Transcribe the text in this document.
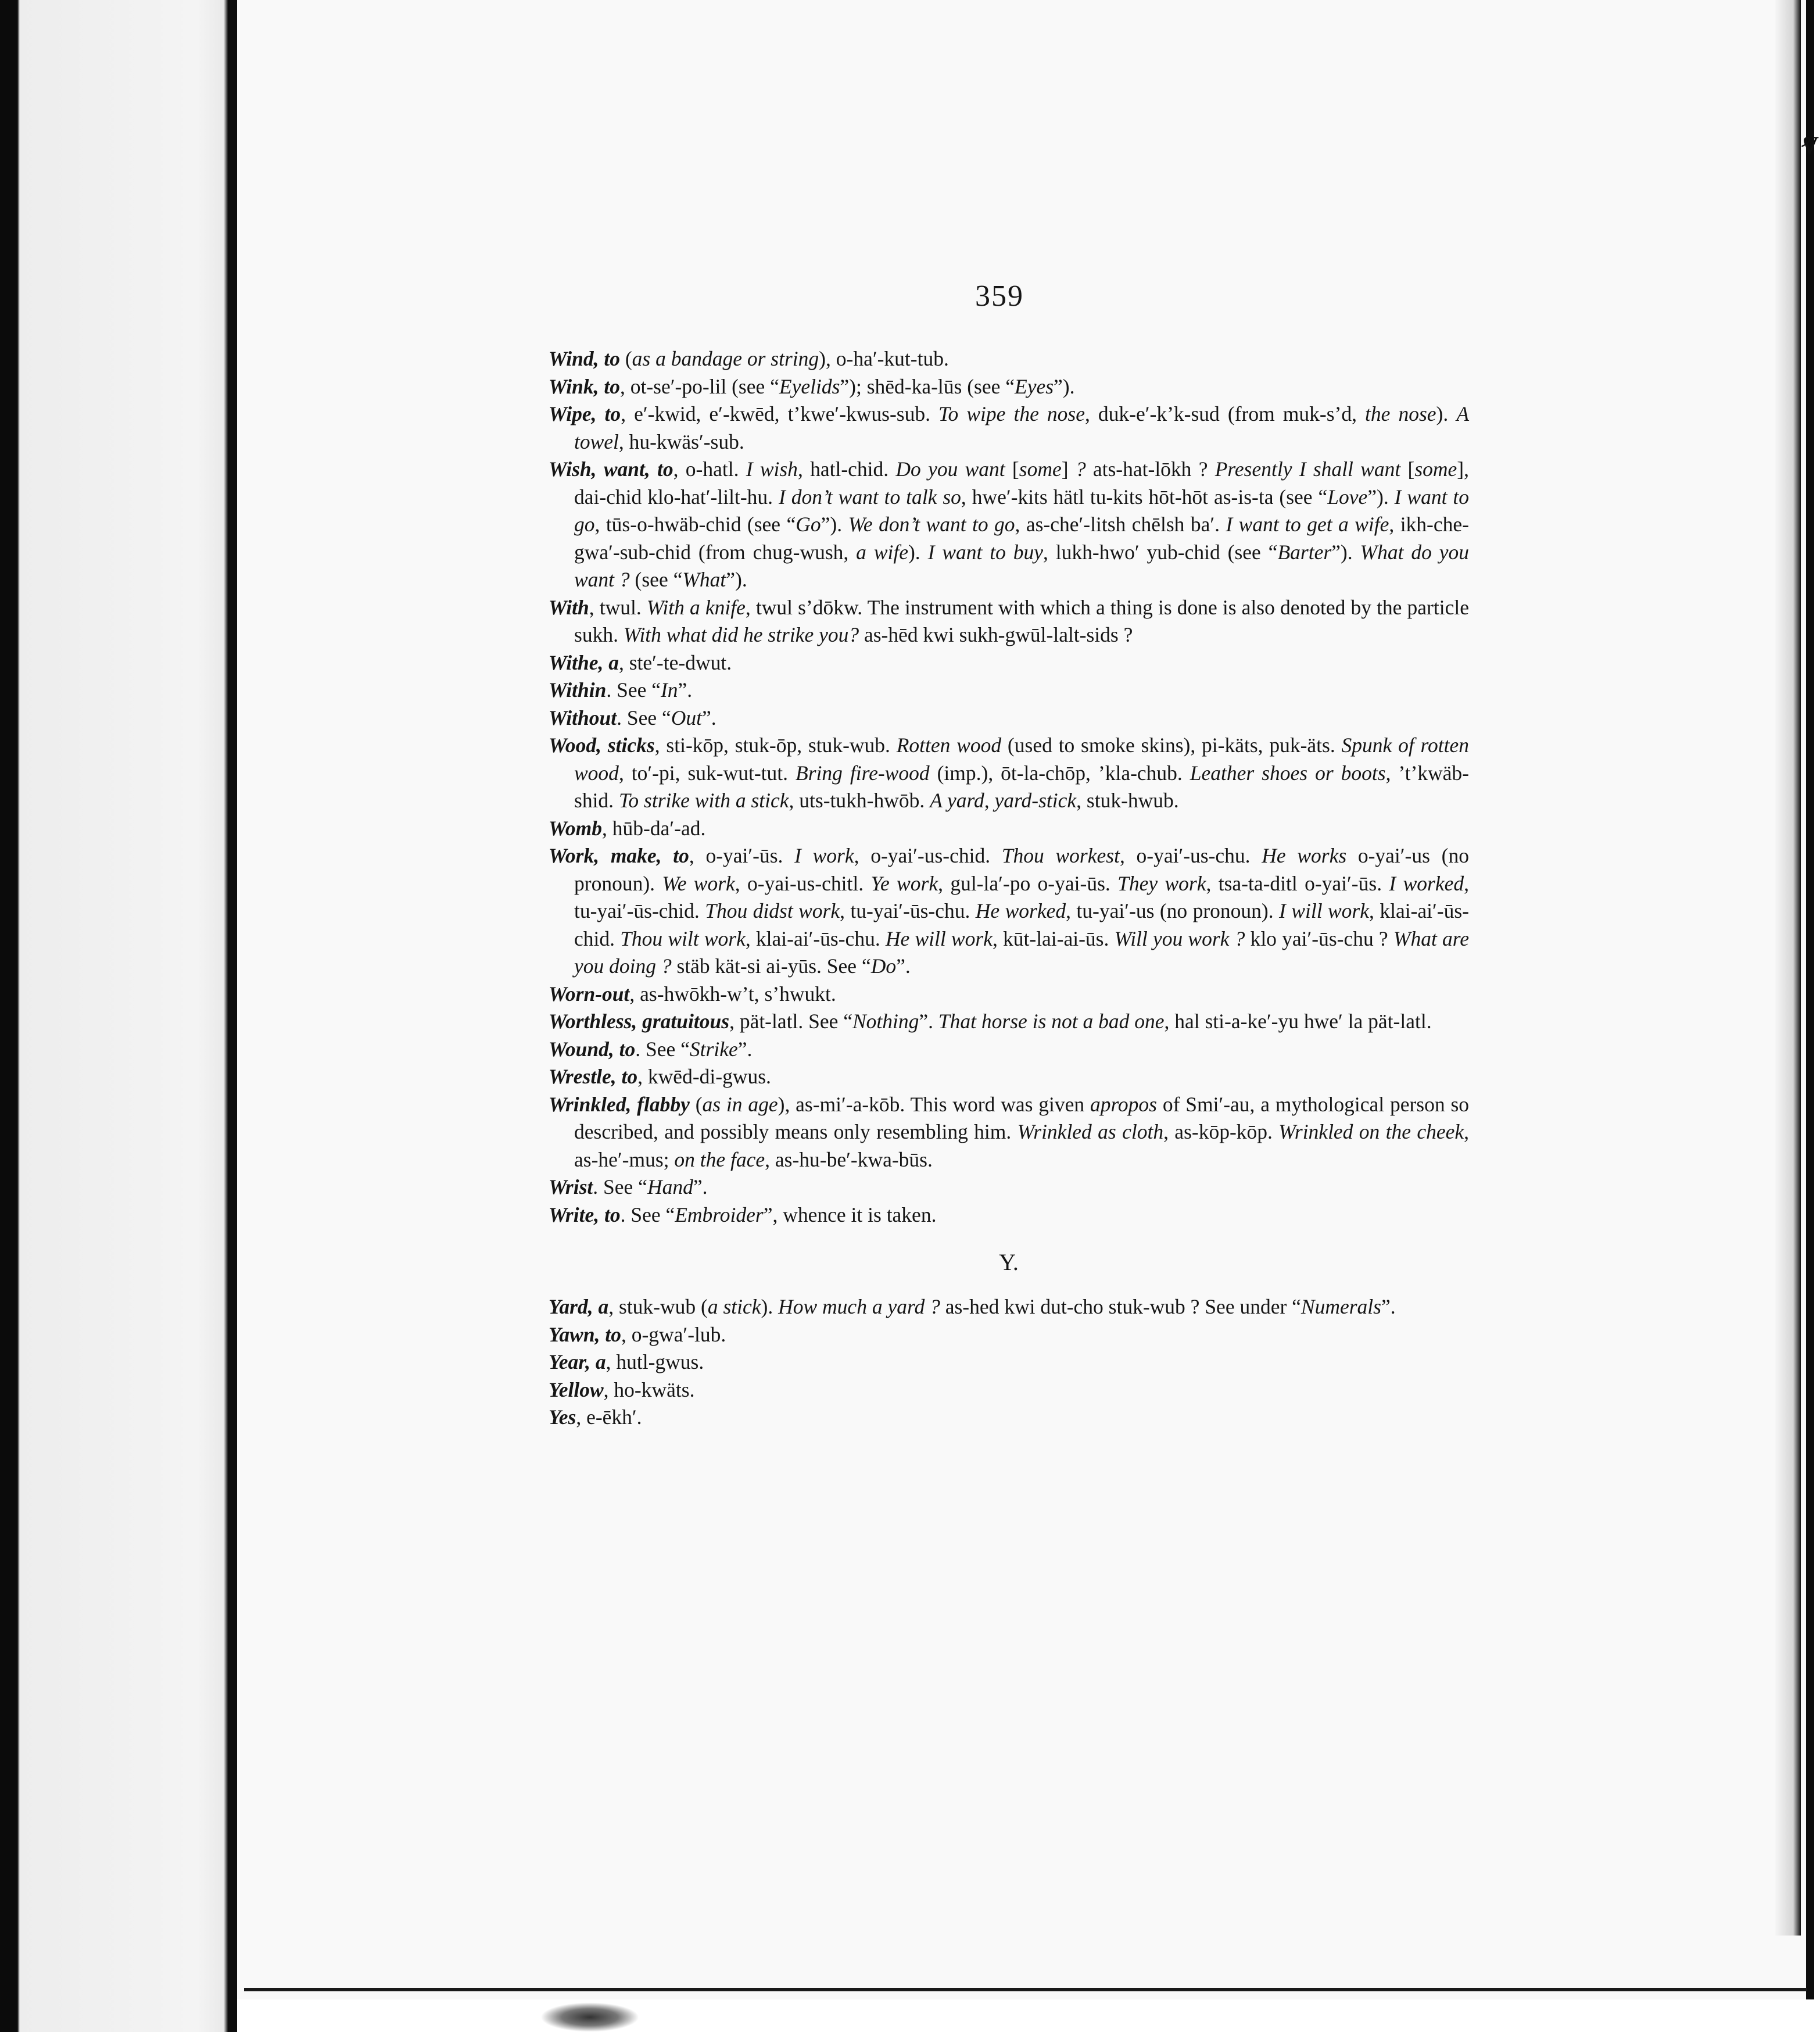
ⱴ
359

Wind, to (as a bandage or string), o-ha′-kut-tub.

Wink, to, ot-se′-po-lil (see “Eyelids”); shēd-ka-lūs (see “Eyes”).

Wipe, to, e′-kwid, e′-kwēd, t’kwe′-kwus-sub. To wipe the nose, duk-e′-k’k-sud (from muk-s’d, the nose). A towel, hu-kwäs′-sub.

Wish, want, to, o-hatl. I wish, hatl-chid. Do you want [some] ? ats-hat-lōkh ? Presently I shall want [some], dai-chid klo-hat′-lilt-hu. I don’t want to talk so, hwe′-kits hätl tu-kits hōt-hōt as-is-ta (see “Love”). I want to go, tūs-o-hwäb-chid (see “Go”). We don’t want to go, as-che′-litsh chēlsh ba′. I want to get a wife, ikh-che-gwa′-sub-chid (from chug-wush, a wife). I want to buy, lukh-hwo′ yub-chid (see “Barter”). What do you want ? (see “What”).

With, twul. With a knife, twul s’dōkw. The instrument with which a thing is done is also denoted by the particle sukh. With what did he strike you? as-hēd kwi sukh-gwūl-lalt-sids ?

Withe, a, ste′-te-dwut.

Within. See “In”.

Without. See “Out”.

Wood, sticks, sti-kōp, stuk-ōp, stuk-wub. Rotten wood (used to smoke skins), pi-käts, puk-äts. Spunk of rotten wood, to′-pi, suk-wut-tut. Bring fire-wood (imp.), ōt-la-chōp, ’kla-chub. Leather shoes or boots, ’t’kwäb-shid. To strike with a stick, uts-tukh-hwōb. A yard, yard-stick, stuk-hwub.

Womb, hūb-da′-ad.

Work, make, to, o-yai′-ūs. I work, o-yai′-us-chid. Thou workest, o-yai′-us-chu. He works o-yai′-us (no pronoun). We work, o-yai-us-chitl. Ye work, gul-la′-po o-yai-ūs. They work, tsa-ta-ditl o-yai′-ūs. I worked, tu-yai′-ūs-chid. Thou didst work, tu-yai′-ūs-chu. He worked, tu-yai′-us (no pronoun). I will work, klai-ai′-ūs-chid. Thou wilt work, klai-ai′-ūs-chu. He will work, kūt-lai-ai-ūs. Will you work ? klo yai′-ūs-chu ? What are you doing ? stäb kät-si ai-yūs. See “Do”.

Worn-out, as-hwōkh-w’t, s’hwukt.

Worthless, gratuitous, pät-latl. See “Nothing”. That horse is not a bad one, hal sti-a-ke′-yu hwe′ la pät-latl.

Wound, to. See “Strike”.

Wrestle, to, kwēd-di-gwus.

Wrinkled, flabby (as in age), as-mi′-a-kōb. This word was given apropos of Smi′-au, a mythological person so described, and possibly means only resembling him. Wrinkled as cloth, as-kōp-kōp. Wrinkled on the cheek, as-he′-mus; on the face, as-hu-be′-kwa-būs.

Wrist. See “Hand”.

Write, to. See “Embroider”, whence it is taken.

Y.

Yard, a, stuk-wub (a stick). How much a yard ? as-hed kwi dut-cho stuk-wub ? See under “Numerals”.

Yawn, to, o-gwa′-lub.

Year, a, hutl-gwus.

Yellow, ho-kwäts.

Yes, e-ēkh′.
